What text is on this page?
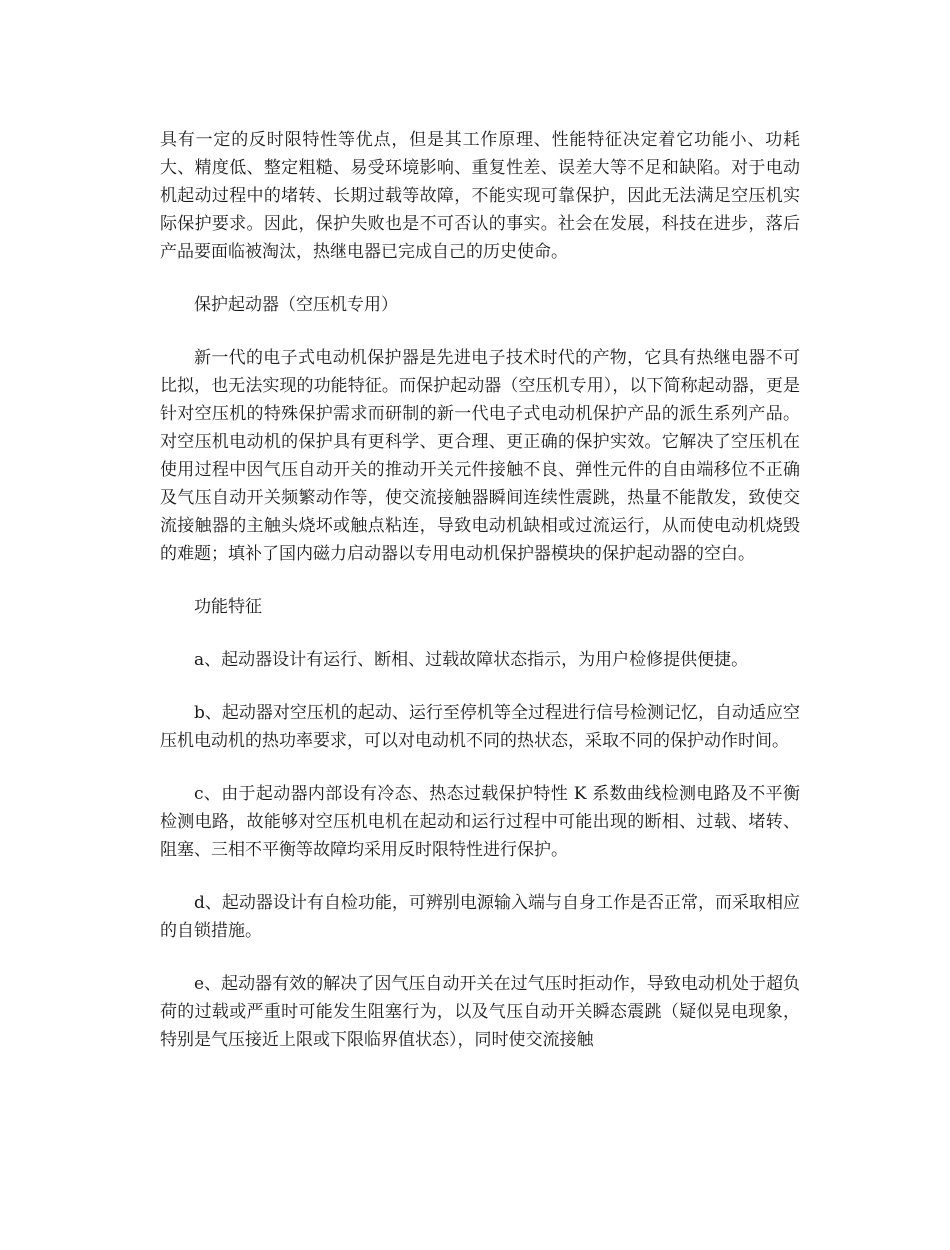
具有一定的反时限特性等优点，但是其工作原理、性能特征决定着它功能小、功耗大、精度低、整定粗糙、易受环境影响、重复性差、误差大等不足和缺陷。对于电动机起动过程中的堵转、长期过载等故障，不能实现可靠保护，因此无法满足空压机实际保护要求。因此，保护失败也是不可否认的事实。社会在发展，科技在进步，落后产品要面临被淘汰，热继电器已完成自己的历史使命。

保护起动器（空压机专用）

新一代的电子式电动机保护器是先进电子技术时代的产物，它具有热继电器不可比拟，也无法实现的功能特征。而保护起动器（空压机专用），以下简称起动器，更是针对空压机的特殊保护需求而研制的新一代电子式电动机保护产品的派生系列产品。对空压机电动机的保护具有更科学、更合理、更正确的保护实效。它解决了空压机在使用过程中因气压自动开关的推动开关元件接触不良、弹性元件的自由端移位不正确及气压自动开关频繁动作等，使交流接触器瞬间连续性震跳，热量不能散发，致使交流接触器的主触头烧坏或触点粘连，导致电动机缺相或过流运行，从而使电动机烧毁的难题；填补了国内磁力启动器以专用电动机保护器模块的保护起动器的空白。

功能特征

a、起动器设计有运行、断相、过载故障状态指示，为用户检修提供便捷。

b、起动器对空压机的起动、运行至停机等全过程进行信号检测记忆，自动适应空压机电动机的热功率要求，可以对电动机不同的热状态，采取不同的保护动作时间。

c、由于起动器内部设有冷态、热态过载保护特性 K 系数曲线检测电路及不平衡检测电路，故能够对空压机电机在起动和运行过程中可能出现的断相、过载、堵转、阻塞、三相不平衡等故障均采用反时限特性进行保护。

d、起动器设计有自检功能，可辨别电源输入端与自身工作是否正常，而采取相应的自锁措施。

e、起动器有效的解决了因气压自动开关在过气压时拒动作，导致电动机处于超负荷的过载或严重时可能发生阻塞行为，以及气压自动开关瞬态震跳（疑似晃电现象，特别是气压接近上限或下限临界值状态），同时使交流接触
